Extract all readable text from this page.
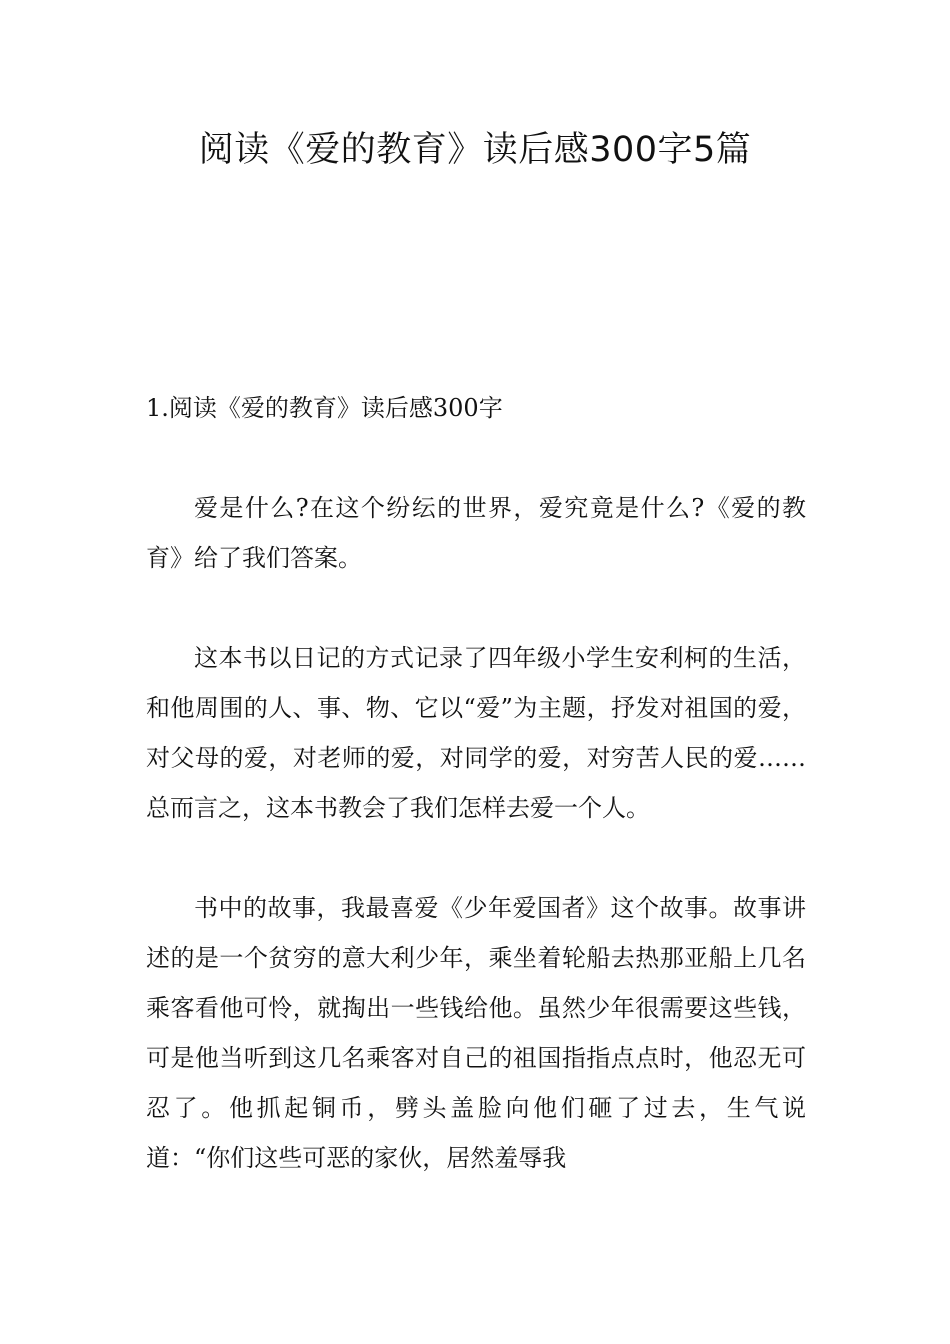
阅读《爱的教育》读后感300字5篇
1.阅读《爱的教育》读后感300字

爱是什么?在这个纷纭的世界，爱究竟是什么?《爱的教育》给了我们答案。

这本书以日记的方式记录了四年级小学生安利柯的生活，和他周围的人、事、物、它以“爱”为主题，抒发对祖国的爱，对父母的爱，对老师的爱，对同学的爱，对穷苦人民的爱……总而言之，这本书教会了我们怎样去爱一个人。

书中的故事，我最喜爱《少年爱国者》这个故事。故事讲述的是一个贫穷的意大利少年，乘坐着轮船去热那亚船上几名乘客看他可怜，就掏出一些钱给他。虽然少年很需要这些钱，可是他当听到这几名乘客对自己的祖国指指点点时，他忍无可忍了。他抓起铜币，劈头盖脸向他们砸了过去，生气说道：“你们这些可恶的家伙，居然羞辱我
